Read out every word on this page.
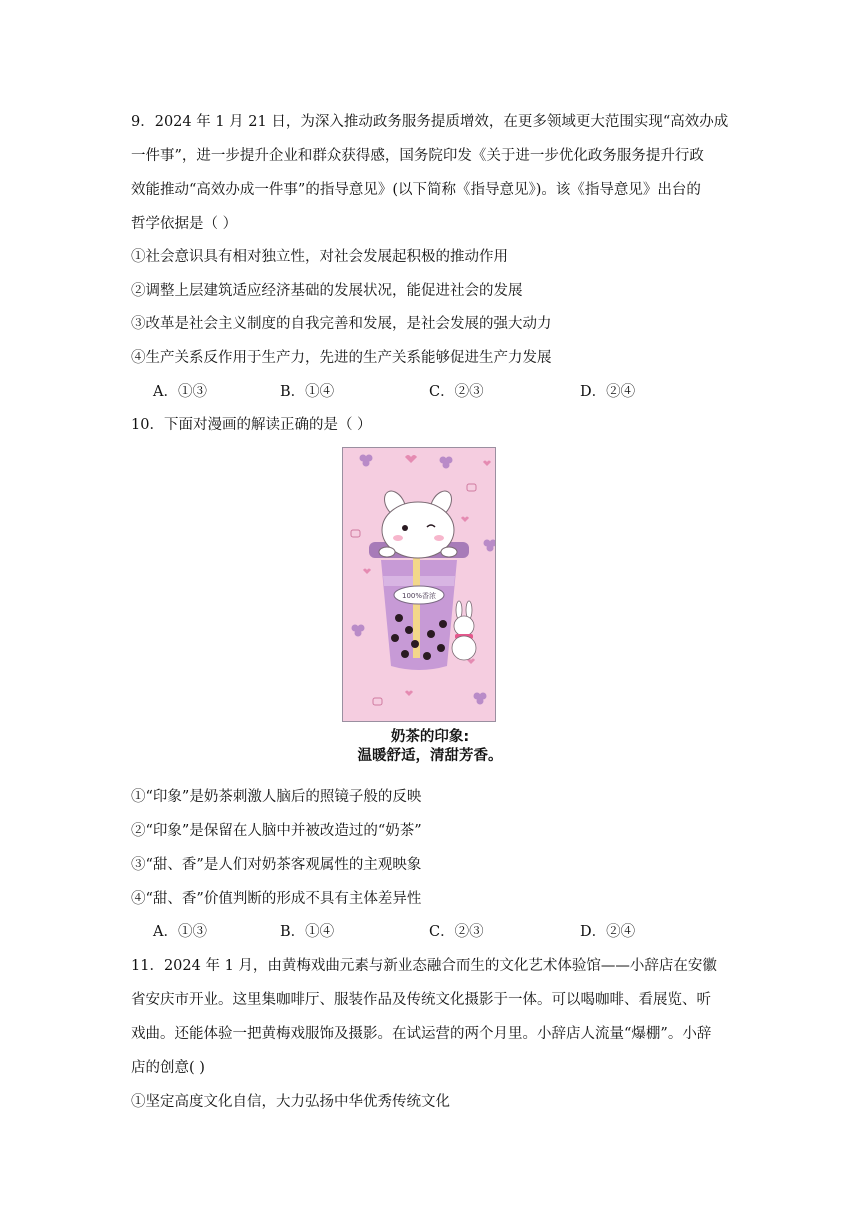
9．2024 年 1 月 21 日，为深入推动政务服务提质增效，在更多领域更大范围实现“高效办成
一件事”，进一步提升企业和群众获得感，国务院印发《关于进一步优化政务服务提升行政
效能推动“高效办成一件事”的指导意见》(以下简称《指导意见》)。该《指导意见》出台的
哲学依据是（ ）
①社会意识具有相对独立性，对社会发展起积极的推动作用
②调整上层建筑适应经济基础的发展状况，能促进社会的发展
③改革是社会主义制度的自我完善和发展，是社会发展的强大动力
④生产关系反作用于生产力，先进的生产关系能够促进生产力发展
A．①③	B．①④	C．②③	D．②④
10．下面对漫画的解读正确的是（ ）
100%香浓
奶茶的印象:
温暖舒适，清甜芳香。
①“印象”是奶茶刺激人脑后的照镜子般的反映
②“印象”是保留在人脑中并被改造过的“奶茶”
③“甜、香”是人们对奶茶客观属性的主观映象
④“甜、香”价值判断的形成不具有主体差异性
A．①③	B．①④	C．②③	D．②④
11．2024 年 1 月，由黄梅戏曲元素与新业态融合而生的文化艺术体验馆——小辞店在安徽
省安庆市开业。这里集咖啡厅、服装作品及传统文化摄影于一体。可以喝咖啡、看展览、听
戏曲。还能体验一把黄梅戏服饰及摄影。在试运营的两个月里。小辞店人流量“爆棚”。小辞
店的创意( )
①坚定高度文化自信，大力弘扬中华优秀传统文化
